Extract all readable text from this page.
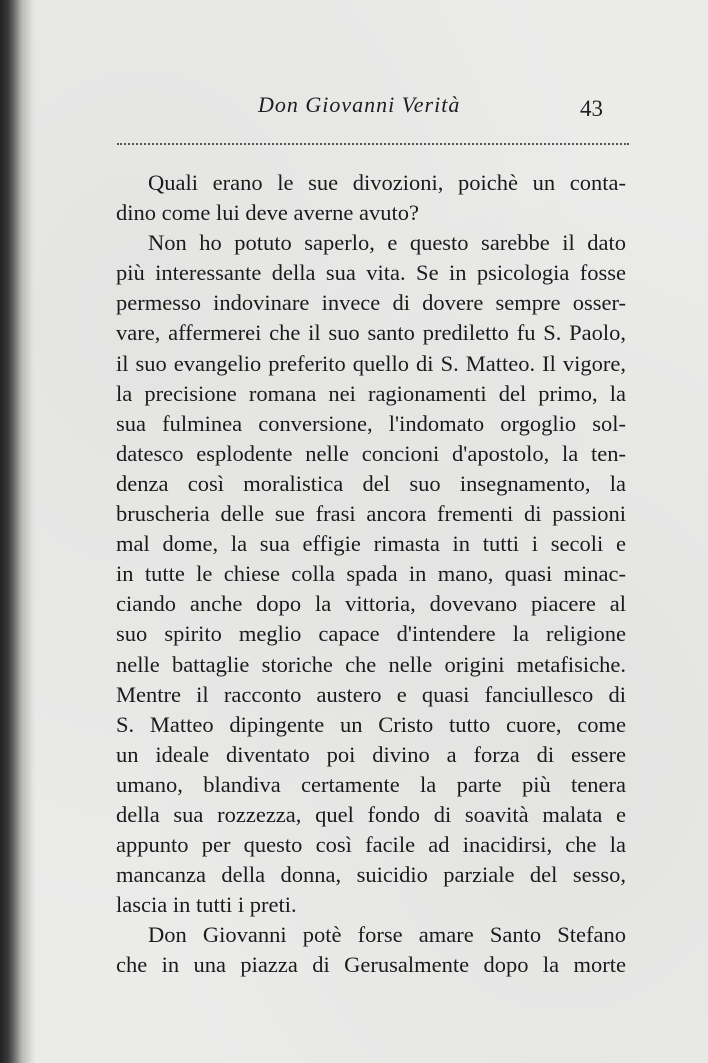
Don Giovanni Verità	43
Quali erano le sue divozioni, poichè un conta-
dino come lui deve averne avuto?
Non ho potuto saperlo, e questo sarebbe il dato
più interessante della sua vita. Se in psicologia fosse
permesso indovinare invece di dovere sempre osser-
vare, affermerei che il suo santo prediletto fu S. Paolo,
il suo evangelio preferito quello di S. Matteo. Il vigore,
la precisione romana nei ragionamenti del primo, la
sua fulminea conversione, l'indomato orgoglio sol-
datesco esplodente nelle concioni d'apostolo, la ten-
denza così moralistica del suo insegnamento, la
bruscheria delle sue frasi ancora frementi di passioni
mal dome, la sua effigie rimasta in tutti i secoli e
in tutte le chiese colla spada in mano, quasi minac-
ciando anche dopo la vittoria, dovevano piacere al
suo spirito meglio capace d'intendere la religione
nelle battaglie storiche che nelle origini metafisiche.
Mentre il racconto austero e quasi fanciullesco di
S. Matteo dipingente un Cristo tutto cuore, come
un ideale diventato poi divino a forza di essere
umano, blandiva certamente la parte più tenera
della sua rozzezza, quel fondo di soavità malata e
appunto per questo così facile ad inacidirsi, che la
mancanza della donna, suicidio parziale del sesso,
lascia in tutti i preti.
Don Giovanni potè forse amare Santo Stefano
che in una piazza di Gerusalmente dopo la morte
